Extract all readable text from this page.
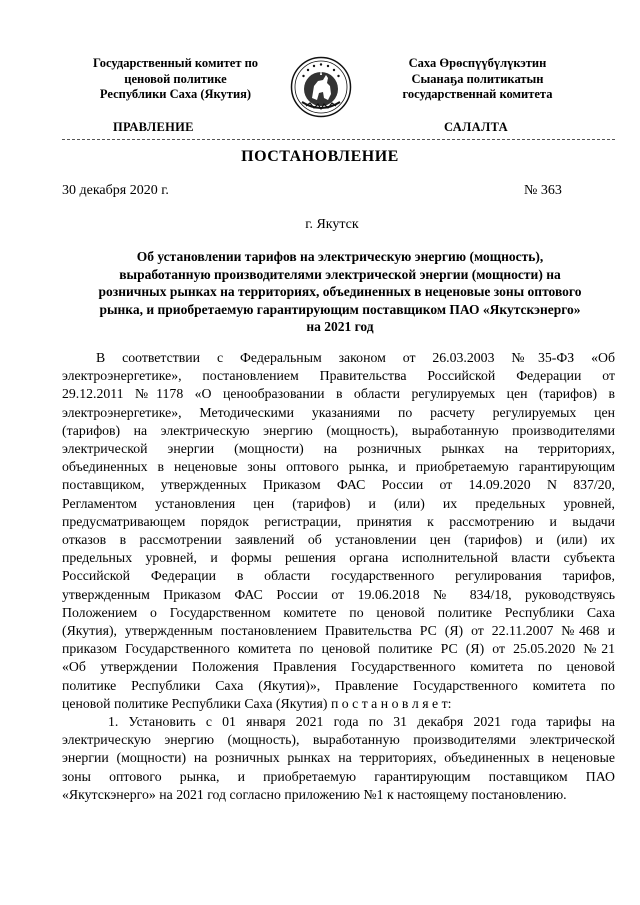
Государственный комитет по
ценовой политике
Республики Саха (Якутия)
Саха Өрөспүүбүлүкэтин
Сыанаҕа политикатын
государственнай комитета
ПРАВЛЕНИЕ	САЛАЛТА
ПОСТАНОВЛЕНИЕ
30 декабря 2020 г.	№ 363
г. Якутск
Об установлении тарифов на электрическую энергию (мощность),
выработанную производителями электрической энергии (мощности) на
розничных рынках на территориях, объединенных в неценовые зоны оптового
рынка, и приобретаемую гарантирующим поставщиком ПАО «Якутскэнерго»
на 2021 год

В соответствии с Федеральным законом от 26.03.2003 №35-ФЗ «Об
электроэнергетике», постановлением Правительства Российской Федерации от
29.12.2011 №1178 «О ценообразовании в области регулируемых цен (тарифов) в
электроэнергетике», Методическими указаниями по расчету регулируемых цен
(тарифов) на электрическую энергию (мощность), выработанную производителями
электрической энергии (мощности) на розничных рынках на территориях,
объединенных в неценовые зоны оптового рынка, и приобретаемую гарантирующим
поставщиком, утвержденных Приказом ФАС России от 14.09.2020 N 837/20,
Регламентом установления цен (тарифов) и (или) их предельных уровней,
предусматривающем порядок регистрации, принятия к рассмотрению и выдачи
отказов в рассмотрении заявлений об установлении цен (тарифов) и (или) их
предельных уровней, и формы решения органа исполнительной власти субъекта
Российской Федерации в области государственного регулирования тарифов,
утвержденным Приказом ФАС России от 19.06.2018 № 834/18, руководствуясь
Положением о Государственном комитете по ценовой политике Республики Саха
(Якутия), утвержденным постановлением Правительства РС (Я) от 22.11.2007 №468 и
приказом Государственного комитета по ценовой политике РС (Я) от 25.05.2020 №21
«Об утверждении Положения Правления Государственного комитета по ценовой
политике Республики Саха (Якутия)», Правление Государственного комитета по
ценовой политике Республики Саха (Якутия) п о с т а н о в л я е т:

1. Установить с 01 января 2021 года по 31 декабря 2021 года тарифы на
электрическую энергию (мощность), выработанную производителями электрической
энергии (мощности) на розничных рынках на территориях, объединенных в неценовые
зоны оптового рынка, и приобретаемую гарантирующим поставщиком ПАО
«Якутскэнерго» на 2021 год согласно приложению №1 к настоящему постановлению.
